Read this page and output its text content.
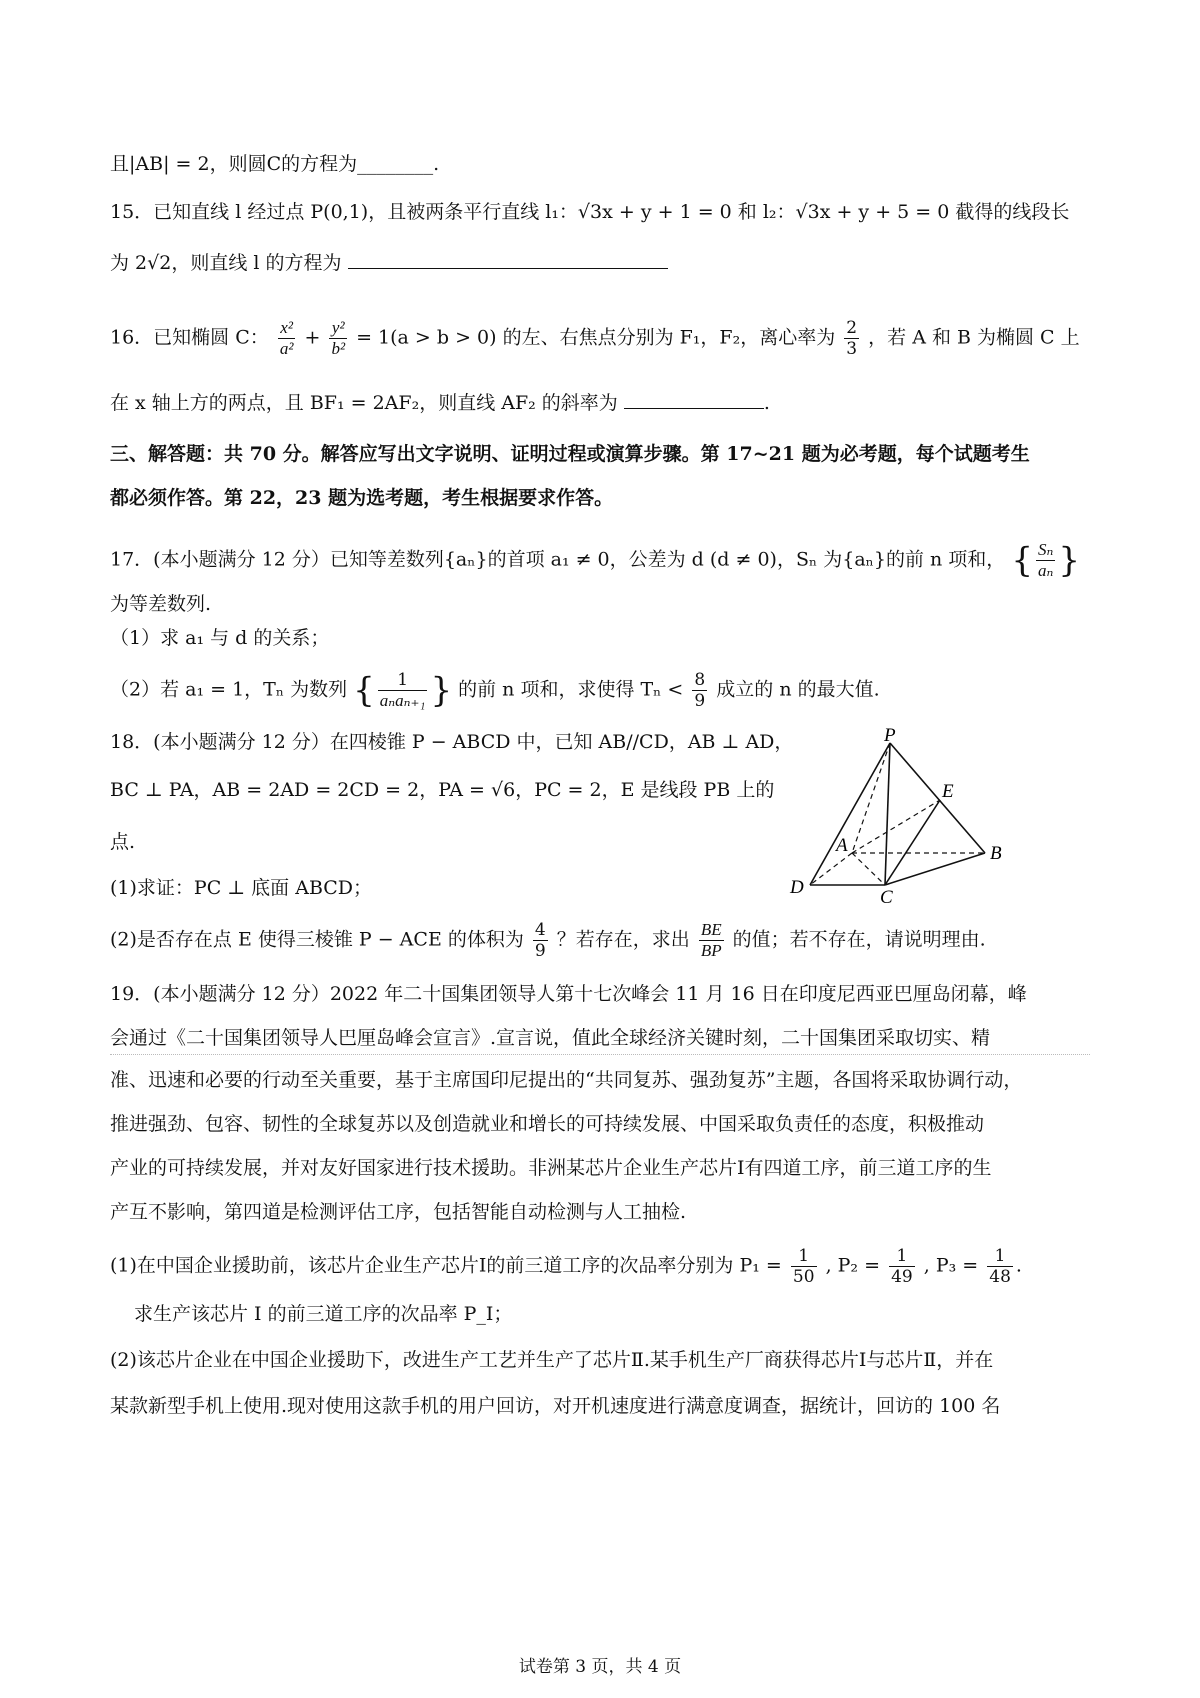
且|AB| = 2，则圆C的方程为________.
15．已知直线 l 经过点 P(0,1)，且被两条平行直线 l₁：√3x + y + 1 = 0 和 l₂：√3x + y + 5 = 0 截得的线段长
为 2√2，则直线 l 的方程为
16．已知椭圆 C： $\frac{\text{x²}}{\text{a²}} + \frac{\text{y²}}{\text{b²}} = 1(a > b > 0)$ 的左、右焦点分别为 F₁，F₂，离心率为 $\frac{2}{3}$ ，若 A 和 B 为椭圆 C 上
在 x 轴上方的两点，且 BF₁ = 2AF₂，则直线 AF₂ 的斜率为	.
三、解答题：共 70 分。解答应写出文字说明、证明过程或演算步骤。第 17~21 题为必考题，每个试题考生
都必须作答。第 22，23 题为选考题，考生根据要求作答。
17．(本小题满分 12 分）已知等差数列{aₙ}的首项 a₁ ≠ 0，公差为 d (d ≠ 0)，Sₙ 为{aₙ}的前 n 项和， { $\frac{\text{Sₙ}}{\text{aₙ}}$ }
为等差数列.
（1）求 a₁ 与 d 的关系；
（2）若 a₁ = 1，Tₙ 为数列 { $\frac{1}{\text{aₙaₙ₊₁}}$ } 的前 n 项和，求使得 $T_n < \frac{8}{9}$ 成立的 n 的最大值.
18．(本小题满分 12 分）在四棱锥 P − ABCD 中，已知 AB//CD，AB ⊥ AD，
BC ⊥ PA，AB = 2AD = 2CD = 2，PA = √6，PC = 2，E 是线段 PB 上的
点.
(1)求证：PC ⊥ 底面 ABCD；
(2)是否存在点 E 使得三棱锥 P − ACE 的体积为 $\frac{4}{9}$ ？若存在，求出 $\frac{BE}{BP}$ 的值；若不存在，请说明理由.
P
E
A	B
C
D
19．(本小题满分 12 分）2022 年二十国集团领导人第十七次峰会 11 月 16 日在印度尼西亚巴厘岛闭幕，峰
会通过《二十国集团领导人巴厘岛峰会宣言》.宣言说，值此全球经济关键时刻，二十国集团采取切实、精
准、迅速和必要的行动至关重要，基于主席国印尼提出的“共同复苏、强劲复苏”主题，各国将采取协调行动，
推进强劲、包容、韧性的全球复苏以及创造就业和增长的可持续发展、中国采取负责任的态度，积极推动
产业的可持续发展，并对友好国家进行技术援助。非洲某芯片企业生产芯片Ⅰ有四道工序，前三道工序的生
产互不影响，第四道是检测评估工序，包括智能自动检测与人工抽检.
(1)在中国企业援助前，该芯片企业生产芯片Ⅰ的前三道工序的次品率分别为 $P_1 = \frac{1}{50}$ , $P_2 = \frac{1}{49}$ , $P_3 = \frac{1}{48}$ .
求生产该芯片 I 的前三道工序的次品率 P_I；
(2)该芯片企业在中国企业援助下，改进生产工艺并生产了芯片Ⅱ.某手机生产厂商获得芯片Ⅰ与芯片Ⅱ，并在
某款新型手机上使用.现对使用这款手机的用户回访，对开机速度进行满意度调查，据统计，回访的 100 名
试卷第 3 页，共 4 页
